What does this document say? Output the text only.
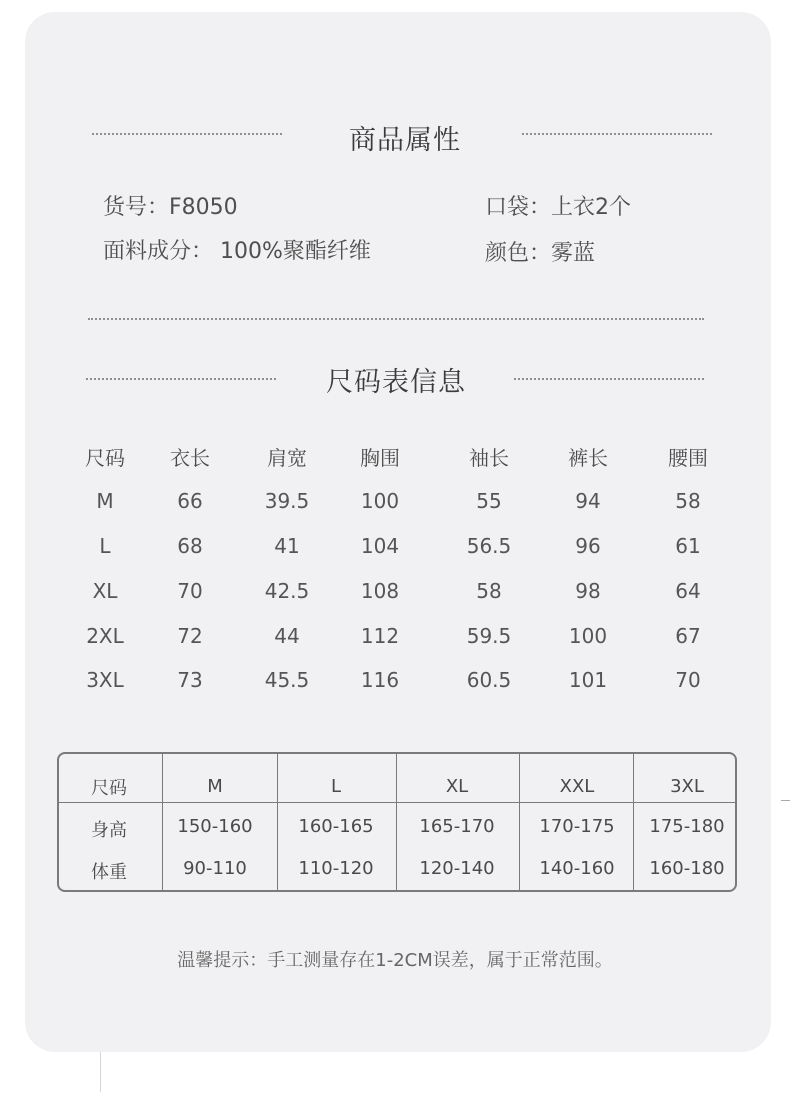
商品属性
货号：F8050
面料成分： 100%聚酯纤维
口袋：上衣2个
颜色：雾蓝
尺码表信息
尺码	衣长	肩宽	胸围	袖长	裤长	腰围
M	66	39.5	100	55	94	58
L	68	41	104	56.5	96	61
XL	70	42.5	108	58	98	64
2XL	72	44	112	59.5	100	67
3XL	73	45.5	116	60.5	101	70
尺码	M	L	XL	XXL	3XL
身高	150-160	160-165	165-170	170-175	175-180
体重	90-110	110-120	120-140	140-160	160-180
温馨提示：手工测量存在1-2CM误差，属于正常范围。
